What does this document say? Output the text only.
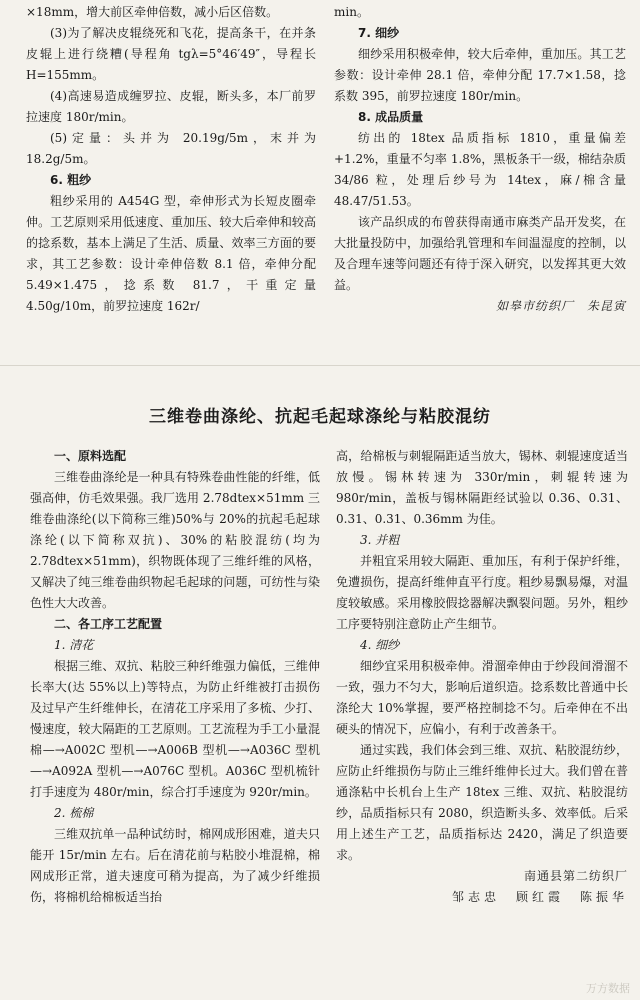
×18mm，增大前区牵伸倍数，减小后区倍数。

(3)为了解决皮辊绕死和飞花，提高条干，在并条皮辊上进行绕糟(导程角 tgλ=5°46′49″，导程长 H=155mm。

(4)高速易造成缠罗拉、皮辊，断头多，本厂前罗拉速度 180r/min。

(5)定量：头并为 20.19g/5m，末并为 18.2g/5m。

6. 粗纱

粗纱采用的 A454G 型，牵伸形式为长短皮圈牵伸。工艺原则采用低速度、重加压、较大后牵伸和较高的捻系数，基本上满足了生活、质量、效率三方面的要求，其工艺参数：设计牵伸倍数 8.1 倍，牵伸分配 5.49×1.475，捻系数 81.7，干重定量 4.50g/10m，前罗拉速度 162r/

min。

7. 细纱

细纱采用积极牵伸，较大后牵伸，重加压。其工艺参数：设计牵伸 28.1 倍，牵伸分配 17.7×1.58，捻系数 395，前罗拉速度 180r/min。

8. 成品质量

纺出的 18tex 品质指标 1810，重量偏差+1.2%，重量不匀率 1.8%，黑板条干一级，棉结杂质 34/86 粒，处理后纱号为 14tex，麻/棉含量 48.47/51.53。

该产品织成的布曾获得南通市麻类产品开发奖，在大批量投防中，加强给乳管理和车间温湿度的控制，以及合理车速等问题还有待于深入研究，以发挥其更大效益。

如皋市纺织厂　朱昆寅

三维卷曲涤纶、抗起毛起球涤纶与粘胶混纺

一、原料选配

三维卷曲涤纶是一种具有特殊卷曲性能的纤维，低强高伸，仿毛效果强。我厂选用 2.78dtex×51mm 三维卷曲涤纶(以下简称三维)50%与 20%的抗起毛起球涤纶(以下简称双抗)、30%的粘胶混纺(均为 2.78dtex×51mm)，织物既体现了三维纤维的风格，又解决了纯三维卷曲织物起毛起球的问题，可纺性与染色性大大改善。

二、各工序工艺配置

1. 清花

根据三维、双抗、粘胶三种纤维强力偏低，三维伸长率大(达 55%以上)等特点，为防止纤维被打击损伤及过早产生纤维伸长，在清花工序采用了多梳、少打、慢速度，较大隔距的工艺原则。工艺流程为手工小量混棉—→A002C 型机—→A006B 型机—→A036C 型机—→A092A 型机—→A076C 型机。A036C 型机梳针打手速度为 480r/min，综合打手速度为 920r/min。

2. 梳棉

三维双抗单一品种试纺时，棉网成形困难，道夫只能开 15r/min 左右。后在清花前与粘胶小堆混棉，棉网成形正常，道夫速度可稍为提高，为了减少纤维损伤，将棉机给棉板适当抬

高，给棉板与刺辊隔距适当放大，锡林、刺辊速度适当放慢。锡林转速为 330r/min，刺辊转速为 980r/min，盖板与锡林隔距经试验以 0.36、0.31、0.31、0.31、0.36mm 为佳。

3. 并粗

并粗宜采用较大隔距、重加压，有利于保护纤维，免遭损伤，提高纤维伸直平行度。粗纱易飘易爆，对温度较敏感。采用橡胶假捻器解决飘裂问题。另外，粗纱工序要特别注意防止产生细节。

4. 细纱

细纱宜采用积极牵伸。滑溜牵伸由于纱段间滑溜不一致，强力不匀大，影响后道织造。捻系数比普通中长涤纶大 10%掌握，要严格控制捻不匀。后牵伸在不出硬头的情况下，应偏小，有利于改善条干。

通过实践，我们体会到三维、双抗、粘胶混纺纱，应防止纤维损伤与防止三维纤维伸长过大。我们曾在普通涤粘中长机台上生产 18tex 三维、双抗、粘胶混纺纱，品质指标只有 2080，织造断头多、效率低。后采用上述生产工艺，品质指标达 2420，满足了织造要求。

南通县第二纺织厂

邹志忠　顾红霞　陈振华

万方数据
